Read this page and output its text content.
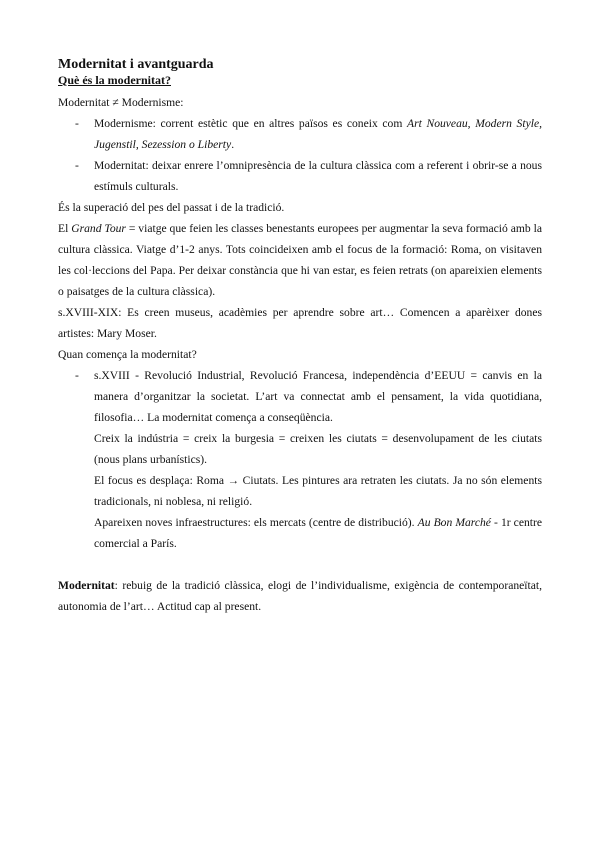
Modernitat i avantguarda
Què és la modernitat?

Modernitat ≠ Modernisme:

- Modernisme: corrent estètic que en altres països es coneix com Art Nouveau, Modern Style, Jugenstil, Sezession o Liberty.
- Modernitat: deixar enrere l’omnipresència de la cultura clàssica com a referent i obrir-se a nous estímuls culturals.

És la superació del pes del passat i de la tradició.

El Grand Tour = viatge que feien les classes benestants europees per augmentar la seva formació amb la cultura clàssica. Viatge d’1-2 anys. Tots coincideixen amb el focus de la formació: Roma, on visitaven les col·leccions del Papa. Per deixar constància que hi van estar, es feien retrats (on apareixien elements o paisatges de la cultura clàssica).

s.XVIII-XIX: Es creen museus, acadèmies per aprendre sobre art… Comencen a aparèixer dones artistes: Mary Moser.

Quan comença la modernitat?

- s.XVIII - Revolució Industrial, Revolució Francesa, independència d’EEUU = canvis en la manera d’organitzar la societat. L’art va connectat amb el pensament, la vida quotidiana, filosofia… La modernitat comença a conseqüència.

Creix la indústria = creix la burgesia = creixen les ciutats = desenvolupament de les ciutats (nous plans urbanístics).

El focus es desplaça: Roma → Ciutats. Les pintures ara retraten les ciutats. Ja no són elements tradicionals, ni noblesa, ni religió.

Apareixen noves infraestructures: els mercats (centre de distribució). Au Bon Marché - 1r centre comercial a París.

Modernitat: rebuig de la tradició clàssica, elogi de l’individualisme, exigència de contemporaneïtat, autonomia de l’art… Actitud cap al present.
